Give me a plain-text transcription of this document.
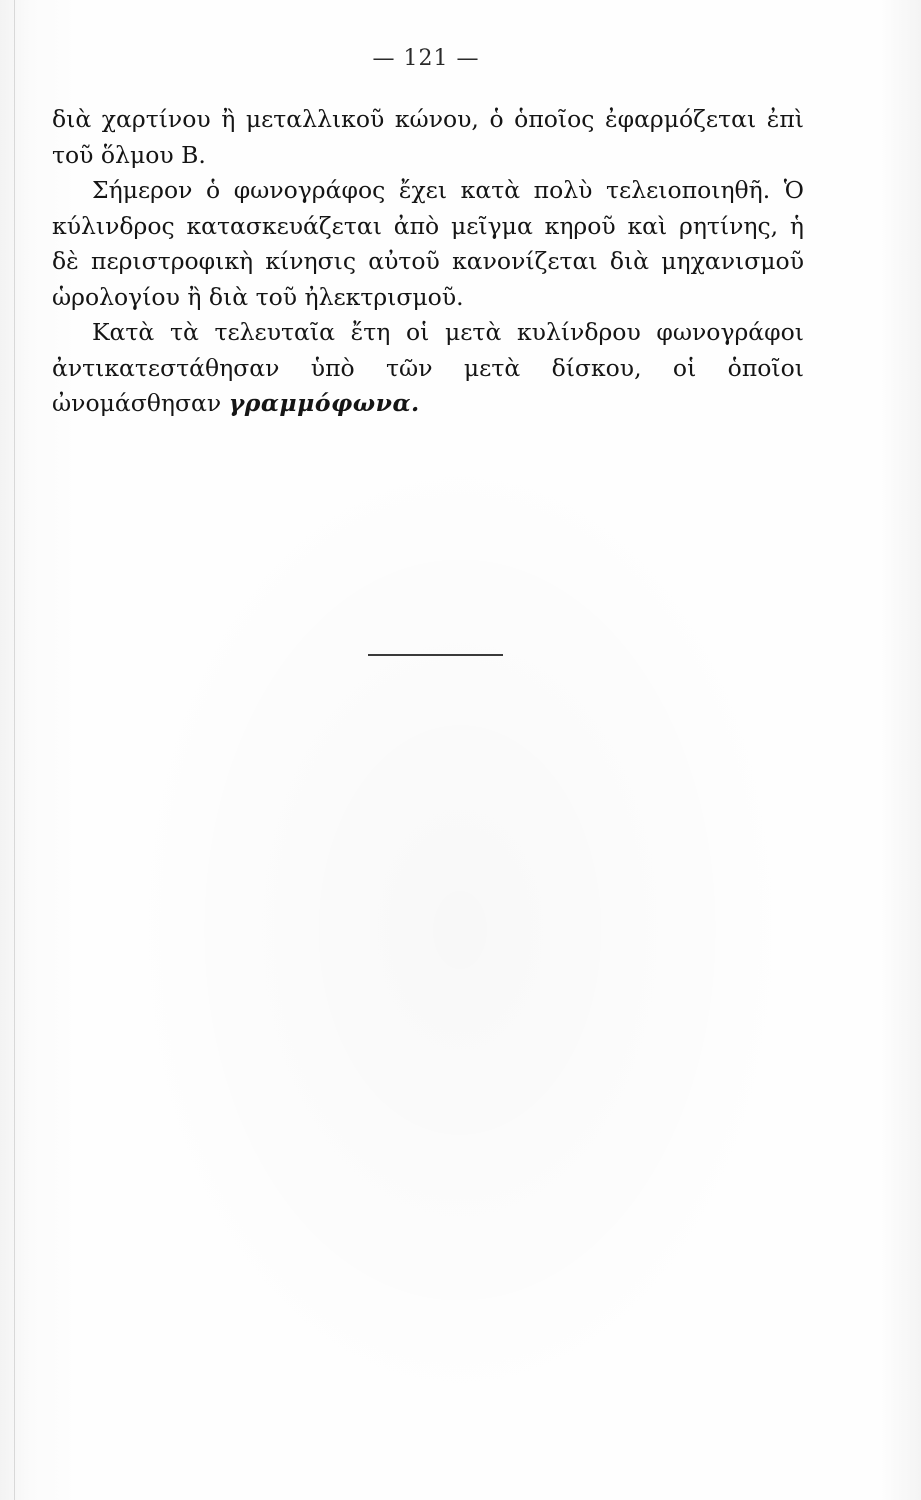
— 121 —

διὰ χαρτίνου ἢ μεταλλικοῦ κώνου, ὁ ὁποῖος ἐφαρμόζεται ἐπὶ τοῦ ὅλμου Β.

Σήμερον ὁ φωνογράφος ἔχει κατὰ πολὺ τελειοποιηθῆ. Ὁ κύλινδρος κατασκευάζεται ἀπὸ μεῖγμα κηροῦ καὶ ρητίνης, ἡ δὲ περιστροφικὴ κίνησις αὐτοῦ κανονίζεται διὰ μηχανισμοῦ ὡρολογίου ἢ διὰ τοῦ ἠλεκτρισμοῦ.

Κατὰ τὰ τελευταῖα ἔτη οἱ μετὰ κυλίνδρου φωνογράφοι ἀντικατεστάθησαν ὑπὸ τῶν μετὰ δίσκου, οἱ ὁποῖοι ὠνομάσθησαν γραμμόφωνα.
